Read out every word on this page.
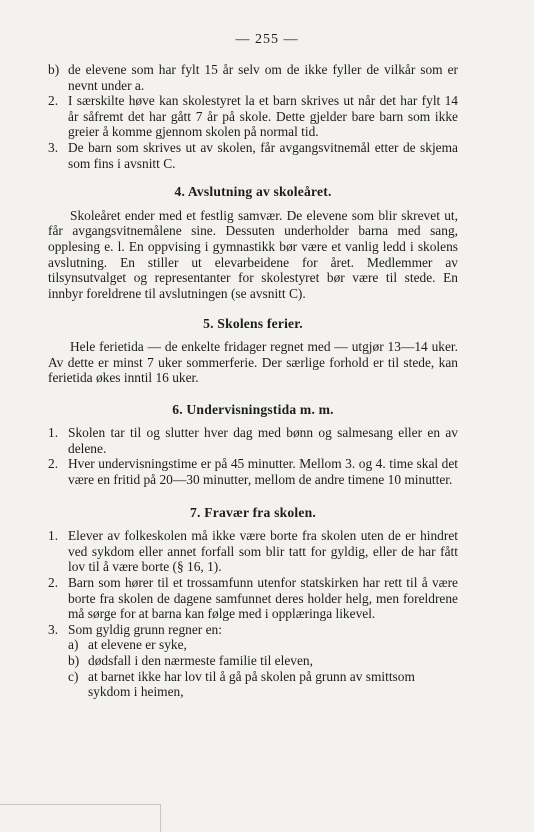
— 255 —
b) de elevene som har fylt 15 år selv om de ikke fyller de vilkår som er nevnt under a.
2. I særskilte høve kan skolestyret la et barn skrives ut når det har fylt 14 år såfremt det har gått 7 år på skole. Dette gjelder bare barn som ikke greier å komme gjennom skolen på normal tid.
3. De barn som skrives ut av skolen, får avgangsvitnemål etter de skjema som fins i avsnitt C.
4. Avslutning av skoleåret.

Skoleåret ender med et festlig samvær. De elevene som blir skrevet ut, får avgangsvitnemålene sine. Dessuten underholder barna med sang, opplesing e. l. En oppvising i gymnastikk bør være et vanlig ledd i skolens avslutning. En stiller ut elevarbeidene for året. Medlemmer av tilsynsutvalget og representanter for skolestyret bør være til stede. En innbyr foreldrene til avslutningen (se avsnitt C).

5. Skolens ferier.

Hele ferietida — de enkelte fridager regnet med — utgjør 13—14 uker. Av dette er minst 7 uker sommerferie. Der særlige forhold er til stede, kan ferietida økes inntil 16 uker.

6. Undervisningstida m. m.
1. Skolen tar til og slutter hver dag med bønn og salmesang eller en av delene.
2. Hver undervisningstime er på 45 minutter. Mellom 3. og 4. time skal det være en fritid på 20—30 minutter, mellom de andre timene 10 minutter.
7. Fravær fra skolen.
1. Elever av folkeskolen må ikke være borte fra skolen uten de er hindret ved sykdom eller annet forfall som blir tatt for gyldig, eller de har fått lov til å være borte (§ 16, 1).
2. Barn som hører til et trossamfunn utenfor statskirken har rett til å være borte fra skolen de dagene samfunnet deres holder helg, men foreldrene må sørge for at barna kan følge med i opplæringa likevel.
3. Som gyldig grunn regner en:
a) at elevene er syke,
b) dødsfall i den nærmeste familie til eleven,
c) at barnet ikke har lov til å gå på skolen på grunn av smittsom sykdom i heimen,
